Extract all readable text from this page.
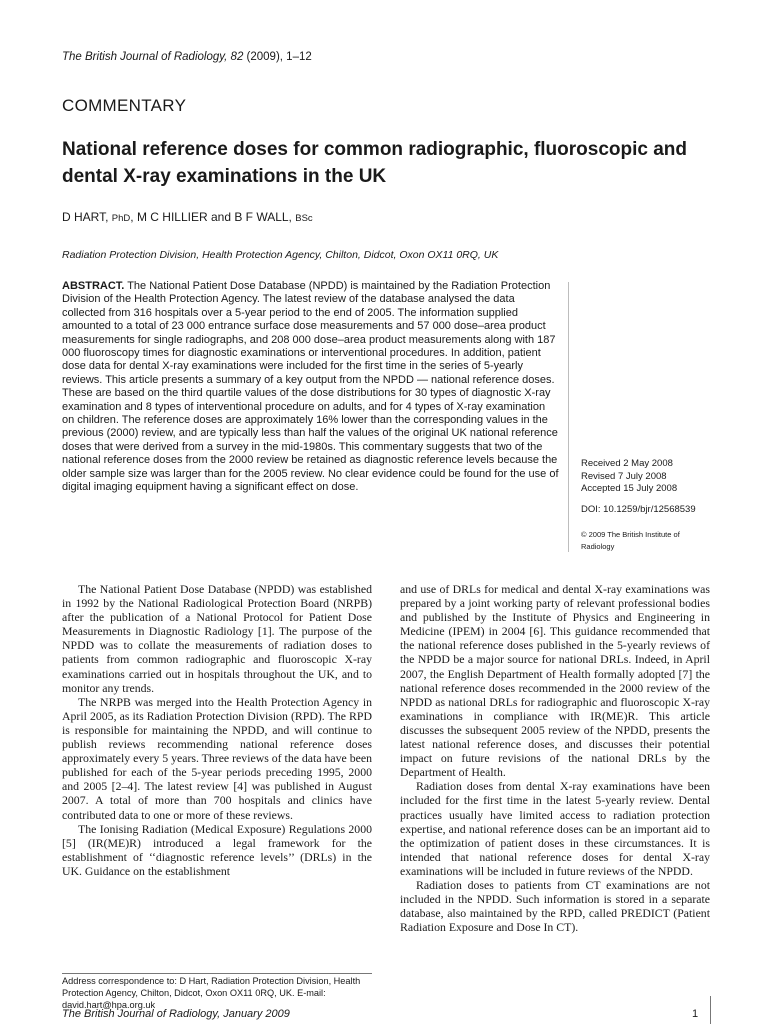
The British Journal of Radiology, 82 (2009), 1–12
COMMENTARY
National reference doses for common radiographic, fluoroscopic and dental X-ray examinations in the UK
D HART, PhD, M C HILLIER and B F WALL, BSc
Radiation Protection Division, Health Protection Agency, Chilton, Didcot, Oxon OX11 0RQ, UK

ABSTRACT. The National Patient Dose Database (NPDD) is maintained by the Radiation Protection Division of the Health Protection Agency. The latest review of the database analysed the data collected from 316 hospitals over a 5-year period to the end of 2005. The information supplied amounted to a total of 23 000 entrance surface dose measurements and 57 000 dose–area product measurements for single radiographs, and 208 000 dose–area product measurements along with 187 000 fluoroscopy times for diagnostic examinations or interventional procedures. In addition, patient dose data for dental X-ray examinations were included for the first time in the series of 5-yearly reviews. This article presents a summary of a key output from the NPDD — national reference doses. These are based on the third quartile values of the dose distributions for 30 types of diagnostic X-ray examination and 8 types of interventional procedure on adults, and for 4 types of X-ray examination on children. The reference doses are approximately 16% lower than the corresponding values in the previous (2000) review, and are typically less than half the values of the original UK national reference doses that were derived from a survey in the mid-1980s. This commentary suggests that two of the national reference doses from the 2000 review be retained as diagnostic reference levels because the older sample size was larger than for the 2005 review. No clear evidence could be found for the use of digital imaging equipment having a significant effect on dose.

Received 2 May 2008
Revised 7 July 2008
Accepted 15 July 2008
DOI: 10.1259/bjr/12568539
© 2009 The British Institute of Radiology

The National Patient Dose Database (NPDD) was established in 1992 by the National Radiological Protection Board (NRPB) after the publication of a National Protocol for Patient Dose Measurements in Diagnostic Radiology [1]. The purpose of the NPDD was to collate the measurements of radiation doses to patients from common radiographic and fluoroscopic X-ray examinations carried out in hospitals throughout the UK, and to monitor any trends.

The NRPB was merged into the Health Protection Agency in April 2005, as its Radiation Protection Division (RPD). The RPD is responsible for maintaining the NPDD, and will continue to publish reviews recommending national reference doses approximately every 5 years. Three reviews of the data have been published for each of the 5-year periods preceding 1995, 2000 and 2005 [2–4]. The latest review [4] was published in August 2007. A total of more than 700 hospitals and clinics have contributed data to one or more of these reviews.

The Ionising Radiation (Medical Exposure) Regulations 2000 [5] (IR(ME)R) introduced a legal framework for the establishment of ‘‘diagnostic reference levels’’ (DRLs) in the UK. Guidance on the establishment

and use of DRLs for medical and dental X-ray examinations was prepared by a joint working party of relevant professional bodies and published by the Institute of Physics and Engineering in Medicine (IPEM) in 2004 [6]. This guidance recommended that the national reference doses published in the 5-yearly reviews of the NPDD be a major source for national DRLs. Indeed, in April 2007, the English Department of Health formally adopted [7] the national reference doses recommended in the 2000 review of the NPDD as national DRLs for radiographic and fluoroscopic X-ray examinations in compliance with IR(ME)R. This article discusses the subsequent 2005 review of the NPDD, presents the latest national reference doses, and discusses their potential impact on future revisions of the national DRLs by the Department of Health.

Radiation doses from dental X-ray examinations have been included for the first time in the latest 5-yearly review. Dental practices usually have limited access to radiation protection expertise, and national reference doses can be an important aid to the optimization of patient doses in these circumstances. It is intended that national reference doses for dental X-ray examinations will be included in future reviews of the NPDD.

Radiation doses to patients from CT examinations are not included in the NPDD. Such information is stored in a separate database, also maintained by the RPD, called PREDICT (Patient Radiation Exposure and Dose In CT).

Address correspondence to: D Hart, Radiation Protection Division, Health Protection Agency, Chilton, Didcot, Oxon OX11 0RQ, UK. E-mail: david.hart@hpa.org.uk
The British Journal of Radiology, January 2009	1
